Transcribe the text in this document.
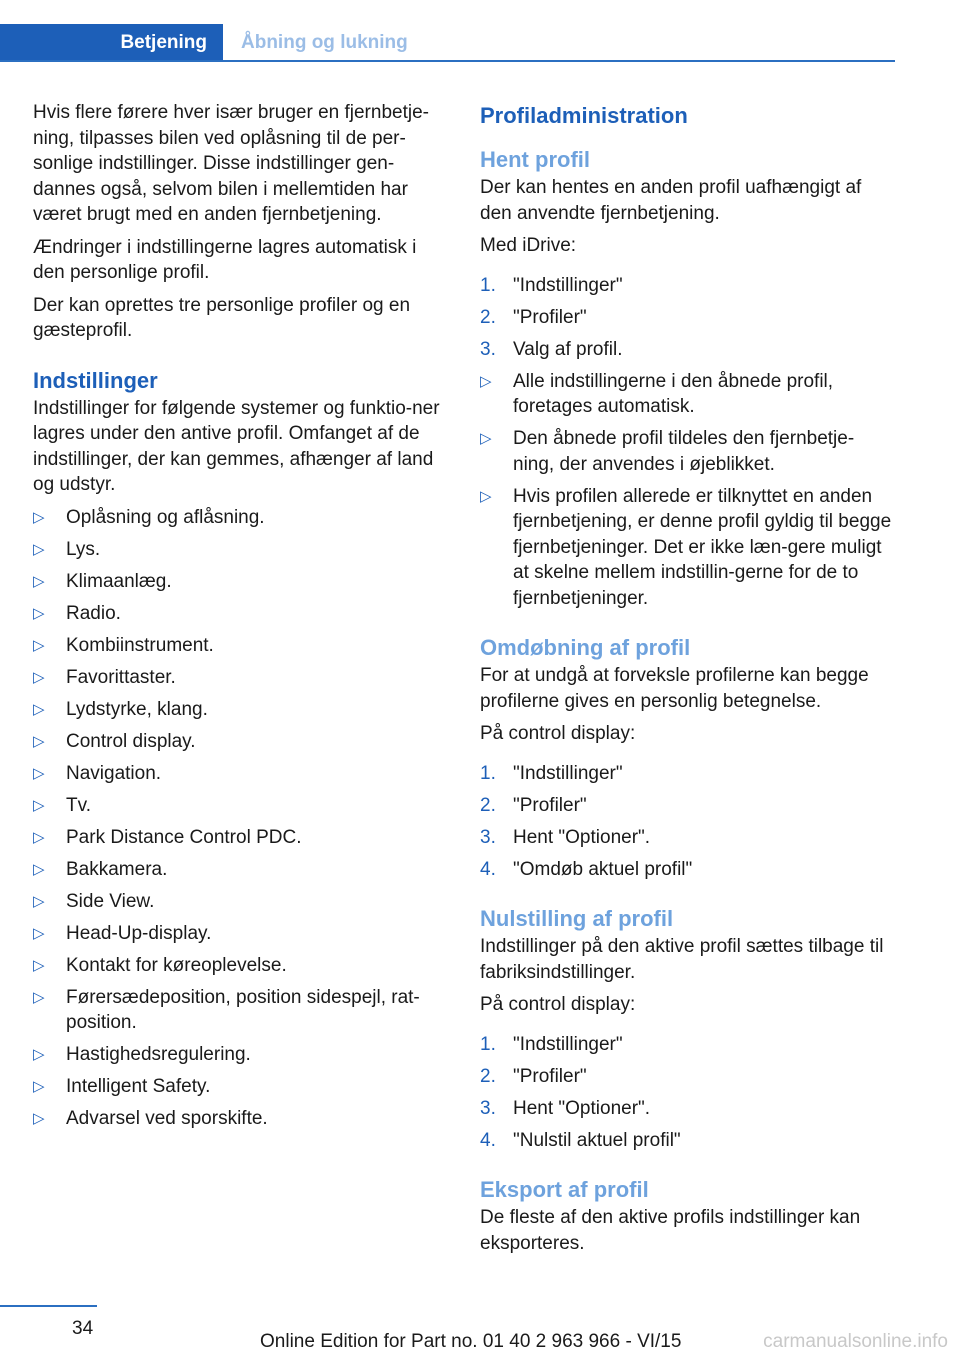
Betjening	Åbning og lukning

Hvis flere førere hver især bruger en fjernbetje‐ning, tilpasses bilen ved oplåsning til de per‐sonlige indstillinger. Disse indstillinger gen‐dannes også, selvom bilen i mellemtiden har været brugt med en anden fjernbetjening.

Ændringer i indstillingerne lagres automatisk i den personlige profil.

Der kan oprettes tre personlige profiler og en gæsteprofil.

Indstillinger

Indstillinger for følgende systemer og funktio‐ner lagres under den antive profil. Omfanget af de indstillinger, der kan gemmes, afhænger af land og udstyr.

▷ Oplåsning og aflåsning.
▷ Lys.
▷ Klimaanlæg.
▷ Radio.
▷ Kombiinstrument.
▷ Favorittaster.
▷ Lydstyrke, klang.
▷ Control display.
▷ Navigation.
▷ Tv.
▷ Park Distance Control PDC.
▷ Bakkamera.
▷ Side View.
▷ Head-Up-display.
▷ Kontakt for køreoplevelse.
▷ Førersædeposition, position sidespejl, rat‐position.
▷ Hastighedsregulering.
▷ Intelligent Safety.
▷ Advarsel ved sporskifte.
Profiladministration
Hent profil

Der kan hentes en anden profil uafhængigt af den anvendte fjernbetjening.

Med iDrive:

1. "Indstillinger"
2. "Profiler"
3. Valg af profil.
▷ Alle indstillingerne i den åbnede profil, foretages automatisk.
▷ Den åbnede profil tildeles den fjernbetje‐ning, der anvendes i øjeblikket.
▷ Hvis profilen allerede er tilknyttet en anden fjernbetjening, er denne profil gyldig til begge fjernbetjeninger. Det er ikke læn‐gere muligt at skelne mellem indstillin‐gerne for de to fjernbetjeninger.
Omdøbning af profil

For at undgå at forveksle profilerne kan begge profilerne gives en personlig betegnelse.

På control display:

1. "Indstillinger"
2. "Profiler"
3. Hent "Optioner".
4. "Omdøb aktuel profil"
Nulstilling af profil

Indstillinger på den aktive profil sættes tilbage til fabriksindstillinger.

På control display:

1. "Indstillinger"
2. "Profiler"
3. Hent "Optioner".
4. "Nulstil aktuel profil"
Eksport af profil

De fleste af den aktive profils indstillinger kan eksporteres.

34
Online Edition for Part no. 01 40 2 963 966 - VI/15	carmanualsonline.info
